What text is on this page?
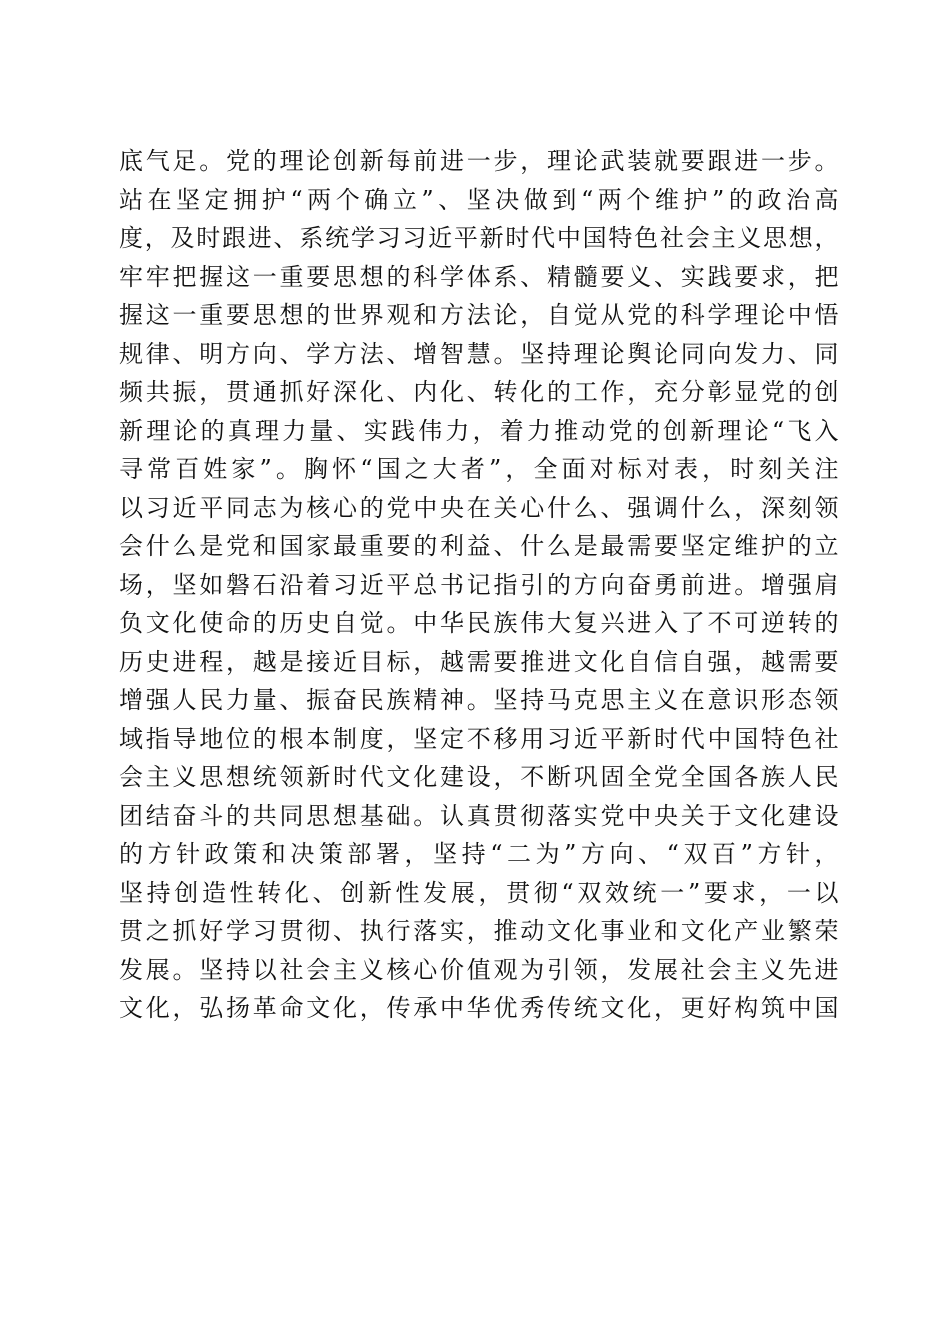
底气足。党的理论创新每前进一步，理论武装就要跟进一步。
站在坚定拥护“两个确立”、坚决做到“两个维护”的政治高
度，及时跟进、系统学习习近平新时代中国特色社会主义思想，
牢牢把握这一重要思想的科学体系、精髓要义、实践要求，把
握这一重要思想的世界观和方法论，自觉从党的科学理论中悟
规律、明方向、学方法、增智慧。坚持理论舆论同向发力、同
频共振，贯通抓好深化、内化、转化的工作，充分彰显党的创
新理论的真理力量、实践伟力，着力推动党的创新理论“飞入
寻常百姓家”。胸怀“国之大者”，全面对标对表，时刻关注
以习近平同志为核心的党中央在关心什么、强调什么，深刻领
会什么是党和国家最重要的利益、什么是最需要坚定维护的立
场，坚如磐石沿着习近平总书记指引的方向奋勇前进。增强肩
负文化使命的历史自觉。中华民族伟大复兴进入了不可逆转的
历史进程，越是接近目标，越需要推进文化自信自强，越需要
增强人民力量、振奋民族精神。坚持马克思主义在意识形态领
域指导地位的根本制度，坚定不移用习近平新时代中国特色社
会主义思想统领新时代文化建设，不断巩固全党全国各族人民
团结奋斗的共同思想基础。认真贯彻落实党中央关于文化建设
的方针政策和决策部署，坚持“二为”方向、“双百”方针，
坚持创造性转化、创新性发展，贯彻“双效统一”要求，一以
贯之抓好学习贯彻、执行落实，推动文化事业和文化产业繁荣
发展。坚持以社会主义核心价值观为引领，发展社会主义先进
文化，弘扬革命文化，传承中华优秀传统文化，更好构筑中国
